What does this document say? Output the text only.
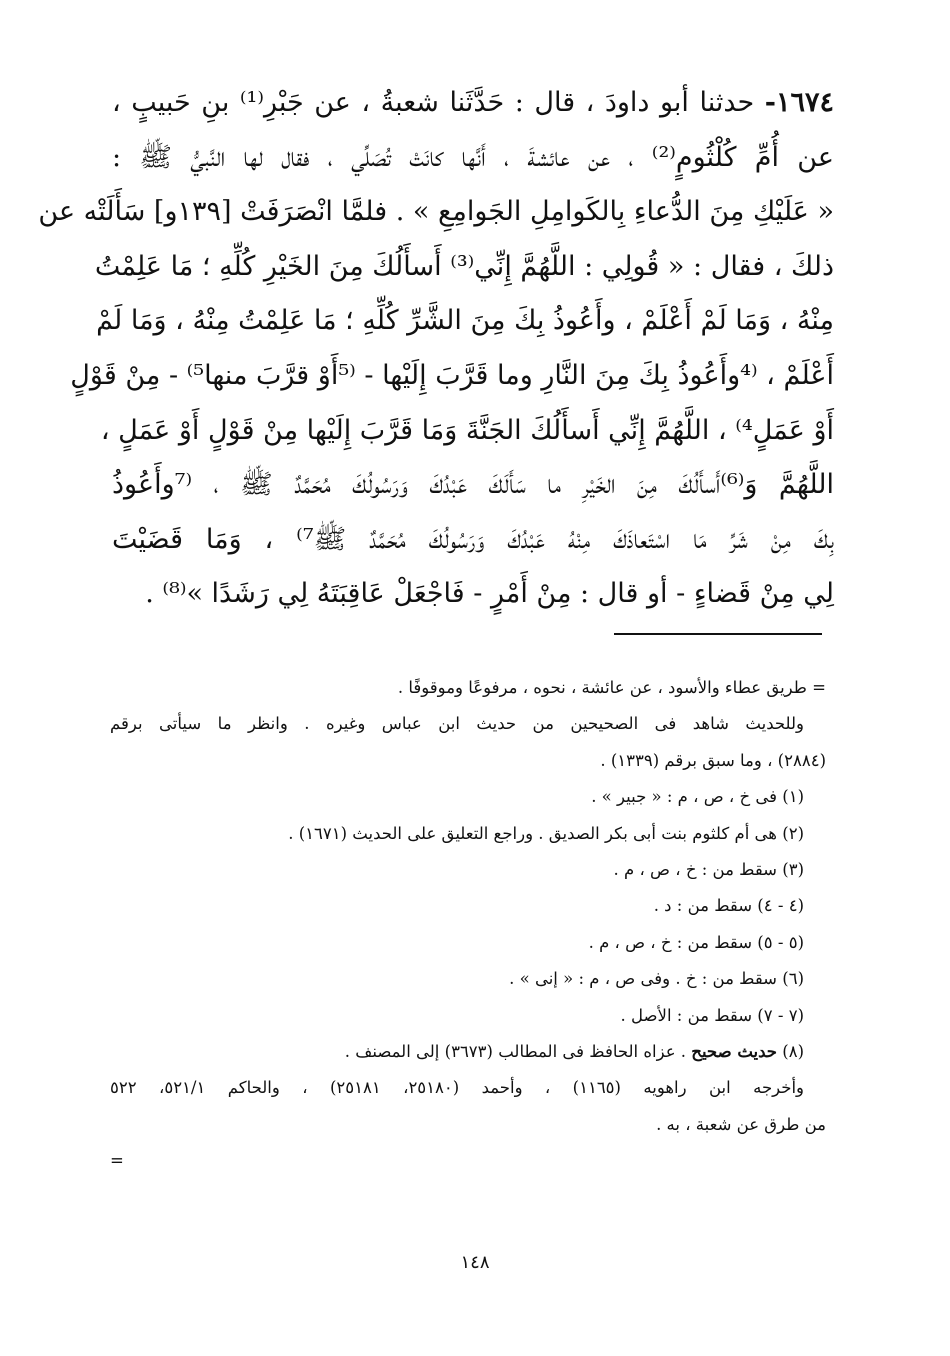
١٦٧٤- حدثنا أبو داودَ ، قال : حَدَّثَنا شعبةُ ، عن جَبْرِ⁽¹⁾ بنِ حَبيبٍ ،
عن أُمِّ كُلْثُومٍ⁽²⁾ ، عن عائشةَ ، أَنَّها كانَتْ تُصَلِّي ، فقال لها النَّبيُّ ﷺ :
« عَلَيْكِ مِنَ الدُّعاءِ بِالكَوامِلِ الجَوامِعِ » . فلمَّا انْصَرَفَتْ [١٣٩و] سَأَلَتْه عن
ذلكَ ، فقال : « قُولِي : اللَّهُمَّ إِنِّي⁽³⁾ أَسأَلُكَ مِنَ الخَيْرِ كُلِّهِ ؛ مَا عَلِمْتُ
مِنْهُ ، وَمَا لَمْ أَعْلَمْ ، وأَعُوذُ بِكَ مِنَ الشَّرِّ كُلِّهِ ؛ مَا عَلِمْتُ مِنْهُ ، وَمَا لَمْ
أَعْلَمْ ، ⁽⁴وأَعُوذُ بِكَ مِنَ النَّارِ وما قَرَّبَ إِلَيْها - ⁽⁵أَوْ قرَّبَ منها⁵⁾ - مِنْ قَوْلٍ
أَوْ عَمَلٍ⁴⁾ ، اللَّهُمَّ إِنِّي أَسأَلُكَ الجَنَّةَ وَمَا قَرَّبَ إِلَيْها مِنْ قَوْلٍ أَوْ عَمَلٍ ،
اللَّهُمَّ وَ⁽⁶⁾أَسأَلُكَ مِنَ الخَيْرِ ما سَأَلَكَ عَبْدُكَ وَرَسُولُكَ مُحَمَّدٌ ﷺ ، ⁽⁷وأَعُوذُ
بِكَ مِنْ شَرِّ مَا اسْتَعاذَكَ مِنْهُ عَبْدُكَ وَرَسُولُكَ مُحَمَّدٌ ﷺ⁷⁾ ، وَمَا قَضَيْتَ
لِي مِنْ قَضاءٍ - أو قال : مِنْ أَمْرٍ - فَاجْعَلْ عَاقِبَتَهُ لِي رَشَدًا »⁽⁸⁾ .
= طريق عطاء والأسود ، عن عائشة ، نحوه ، مرفوعًا وموقوفًا .
وللحديث شاهد فى الصحيحين من حديث ابن عباس وغيره . وانظر ما سيأتى برقم
(٢٨٨٤) ، وما سبق برقم (١٣٣٩) .
(١) فى خ ، ص ، م : « جبير » .
(٢) هى أم كلثوم بنت أبى بكر الصديق . وراجع التعليق على الحديث (١٦٧١) .
(٣) سقط من : خ ، ص ، م .
(٤ - ٤) سقط من : د .
(٥ - ٥) سقط من : خ ، ص ، م .
(٦) سقط من : خ . وفى ص ، م : « إنى » .
(٧ - ٧) سقط من : الأصل .
(٨) حديث صحيح . عزاه الحافظ فى المطالب (٣٦٧٣) إلى المصنف .
وأخرجه ابن راهويه (١١٦٥) ، وأحمد (٢٥١٨٠، ٢٥١٨١) ، والحاكم ٥٢١/١، ٥٢٢
من طرق عن شعبة ، به .
=
١٤٨
